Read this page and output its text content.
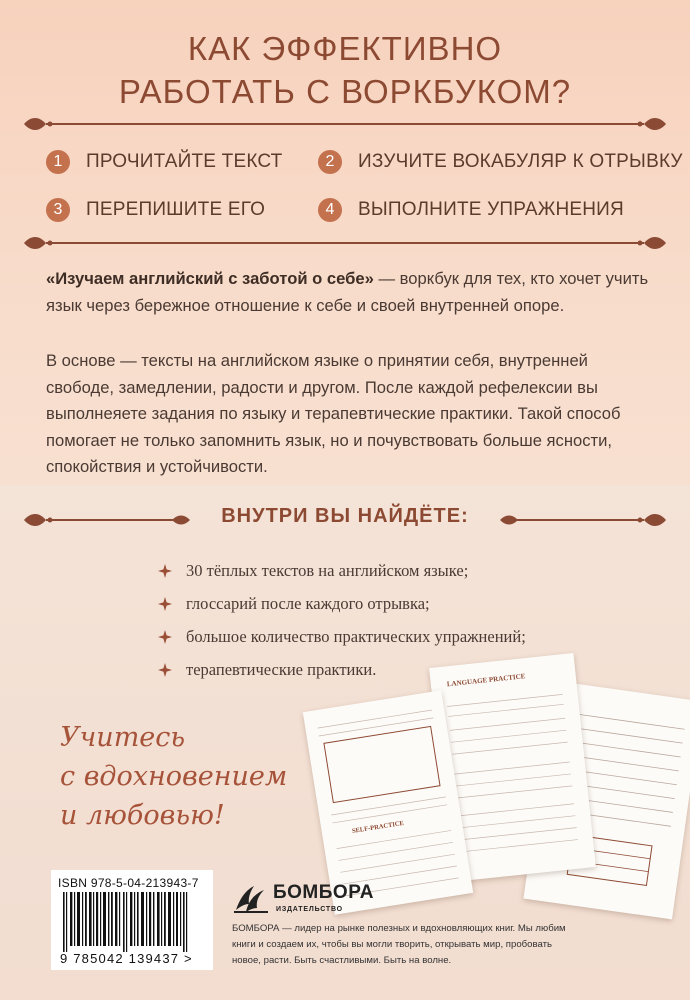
КАК ЭФФЕКТИВНО
РАБОТАТЬ С ВОРКБУКОМ?
1	ПРОЧИТАЙТЕ ТЕКСТ	2	ИЗУЧИТЕ ВОКАБУЛЯР К ОТРЫВКУ
3	ПЕРЕПИШИТЕ ЕГО	4	ВЫПОЛНИТЕ УПРАЖНЕНИЯ
«Изучаем английский с заботой о себе» — воркбук для тех, кто хочет учить язык через бережное отношение к себе и своей внутренней опоре.
В основе — тексты на английском языке о принятии себя, внутренней свободе, замедлении, радости и другом. После каждой рефелексии вы выполнеяете задания по языку и терапевтические практики. Такой способ помогает не только запомнить язык, но и почувствовать больше ясности, спокойствия и устойчивости.
ВНУТРИ ВЫ НАЙДЁТЕ:
30 тёплых текстов на английском языке;
глоссарий после каждого отрывка;
большое количество практических упражнений;
терапевтические практики.
Учитесь
с вдохновением
и любовью!
LANGUAGE PRACTICE
SELF-PRACTICE
ISBN 978-5-04-213943-7
9 785042 139437 >
БОМБОРА
ИЗДАТЕЛЬСТВО
БОМБОРА — лидер на рынке полезных и вдохновляющих книг. Мы любим книги и создаем их, чтобы вы могли творить, открывать мир, пробовать новое, расти. Быть счастливыми. Быть на волне.
